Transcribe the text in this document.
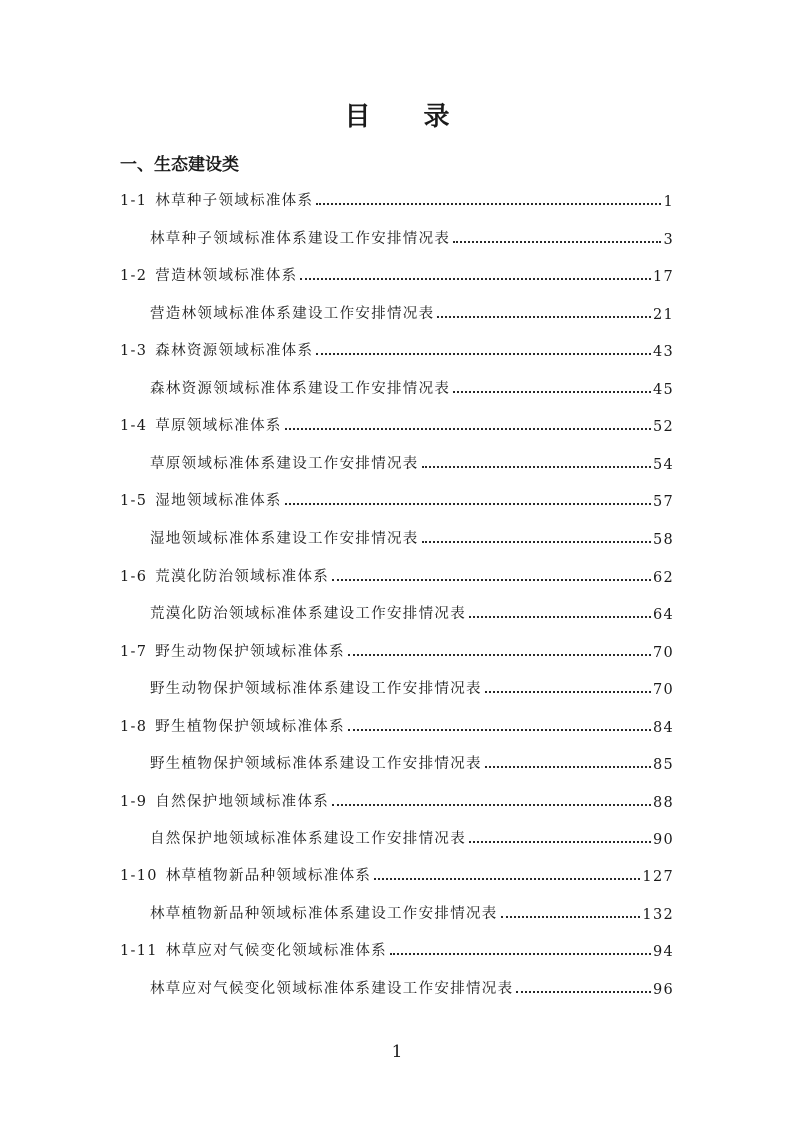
目 录
一、生态建设类
1-1 林草种子领域标准体系	1
林草种子领域标准体系建设工作安排情况表	3
1-2 营造林领域标准体系	17
营造林领域标准体系建设工作安排情况表	21
1-3 森林资源领域标准体系	43
森林资源领域标准体系建设工作安排情况表	45
1-4 草原领域标准体系	52
草原领域标准体系建设工作安排情况表	54
1-5 湿地领域标准体系	57
湿地领域标准体系建设工作安排情况表	58
1-6 荒漠化防治领域标准体系	62
荒漠化防治领域标准体系建设工作安排情况表	64
1-7 野生动物保护领域标准体系	70
野生动物保护领域标准体系建设工作安排情况表	70
1-8 野生植物保护领域标准体系	84
野生植物保护领域标准体系建设工作安排情况表	85
1-9 自然保护地领域标准体系	88
自然保护地领域标准体系建设工作安排情况表	90
1-10 林草植物新品种领域标准体系	127
林草植物新品种领域标准体系建设工作安排情况表	132
1-11 林草应对气候变化领域标准体系	94
林草应对气候变化领域标准体系建设工作安排情况表	96
1
